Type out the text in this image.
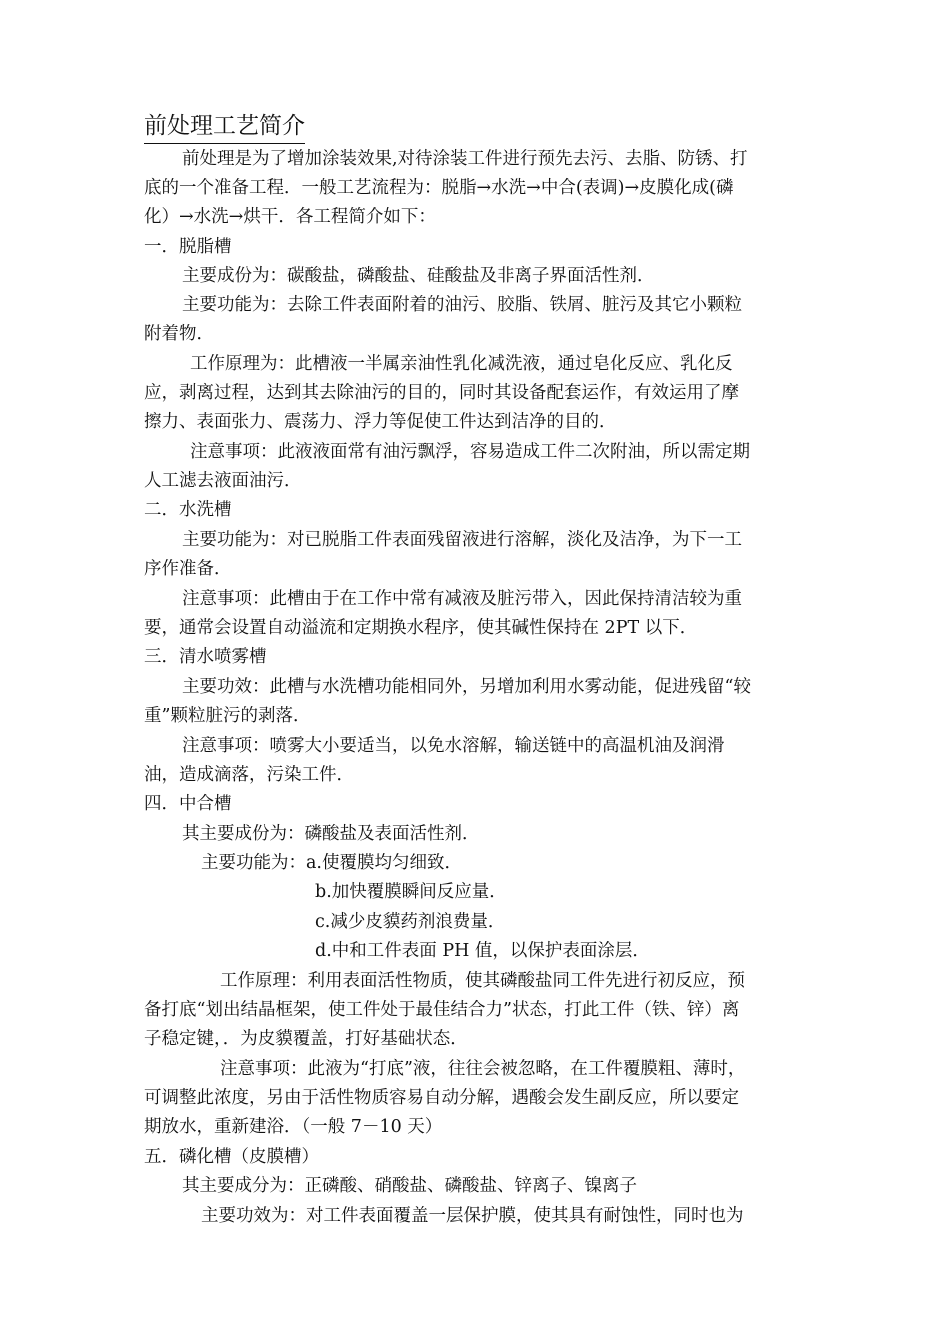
前处理工艺简介
前处理是为了增加涂装效果,对待涂装工件进行预先去污、去脂、防锈、打
底的一个准备工程．一般工艺流程为：脱脂→水洗→中合(表调)→皮膜化成(磷
化）→水洗→烘干．各工程简介如下：
一．脱脂槽
主要成份为：碳酸盐，磷酸盐、硅酸盐及非离子界面活性剂．
主要功能为：去除工件表面附着的油污、胶脂、铁屑、脏污及其它小颗粒
附着物．
工作原理为：此槽液一半属亲油性乳化减洗液，通过皂化反应、乳化反
应，剥离过程，达到其去除油污的目的，同时其设备配套运作，有效运用了摩
擦力、表面张力、震荡力、浮力等促使工件达到洁净的目的．
注意事项：此液液面常有油污飘浮，容易造成工件二次附油，所以需定期
人工滤去液面油污．
二．水洗槽
主要功能为：对已脱脂工件表面残留液进行溶解，淡化及洁净，为下一工
序作准备．
注意事项：此槽由于在工作中常有减液及脏污带入，因此保持清洁较为重
要，通常会设置自动溢流和定期换水程序，使其碱性保持在 2PT 以下．
三．清水喷雾槽
主要功效：此槽与水洗槽功能相同外，另增加利用水雾动能，促进残留“较
重”颗粒脏污的剥落．
注意事项：喷雾大小要适当，以免水溶解，输送链中的高温机油及润滑
油，造成滴落，污染工件．
四．中合槽
其主要成份为：磷酸盐及表面活性剂．
主要功能为：a.使覆膜均匀细致．
b.加快覆膜瞬间反应量．
c.减少皮貘药剂浪费量．
d.中和工件表面 PH 值，以保护表面涂层．
工作原理：利用表面活性物质，使其磷酸盐同工件先进行初反应，预
备打底“划出结晶框架，使工件处于最佳结合力”状态，打此工件（铁、锌）离
子稳定键，．为皮貘覆盖，打好基础状态．
注意事项：此液为“打底”液，往往会被忽略，在工件覆膜粗、薄时，
可调整此浓度，另由于活性物质容易自动分解，遇酸会发生副反应，所以要定
期放水，重新建浴．（一般 7－10 天）
五．磷化槽（皮膜槽）
其主要成分为：正磷酸、硝酸盐、磷酸盐、锌离子、镍离子
主要功效为：对工件表面覆盖一层保护膜，使其具有耐蚀性，同时也为
